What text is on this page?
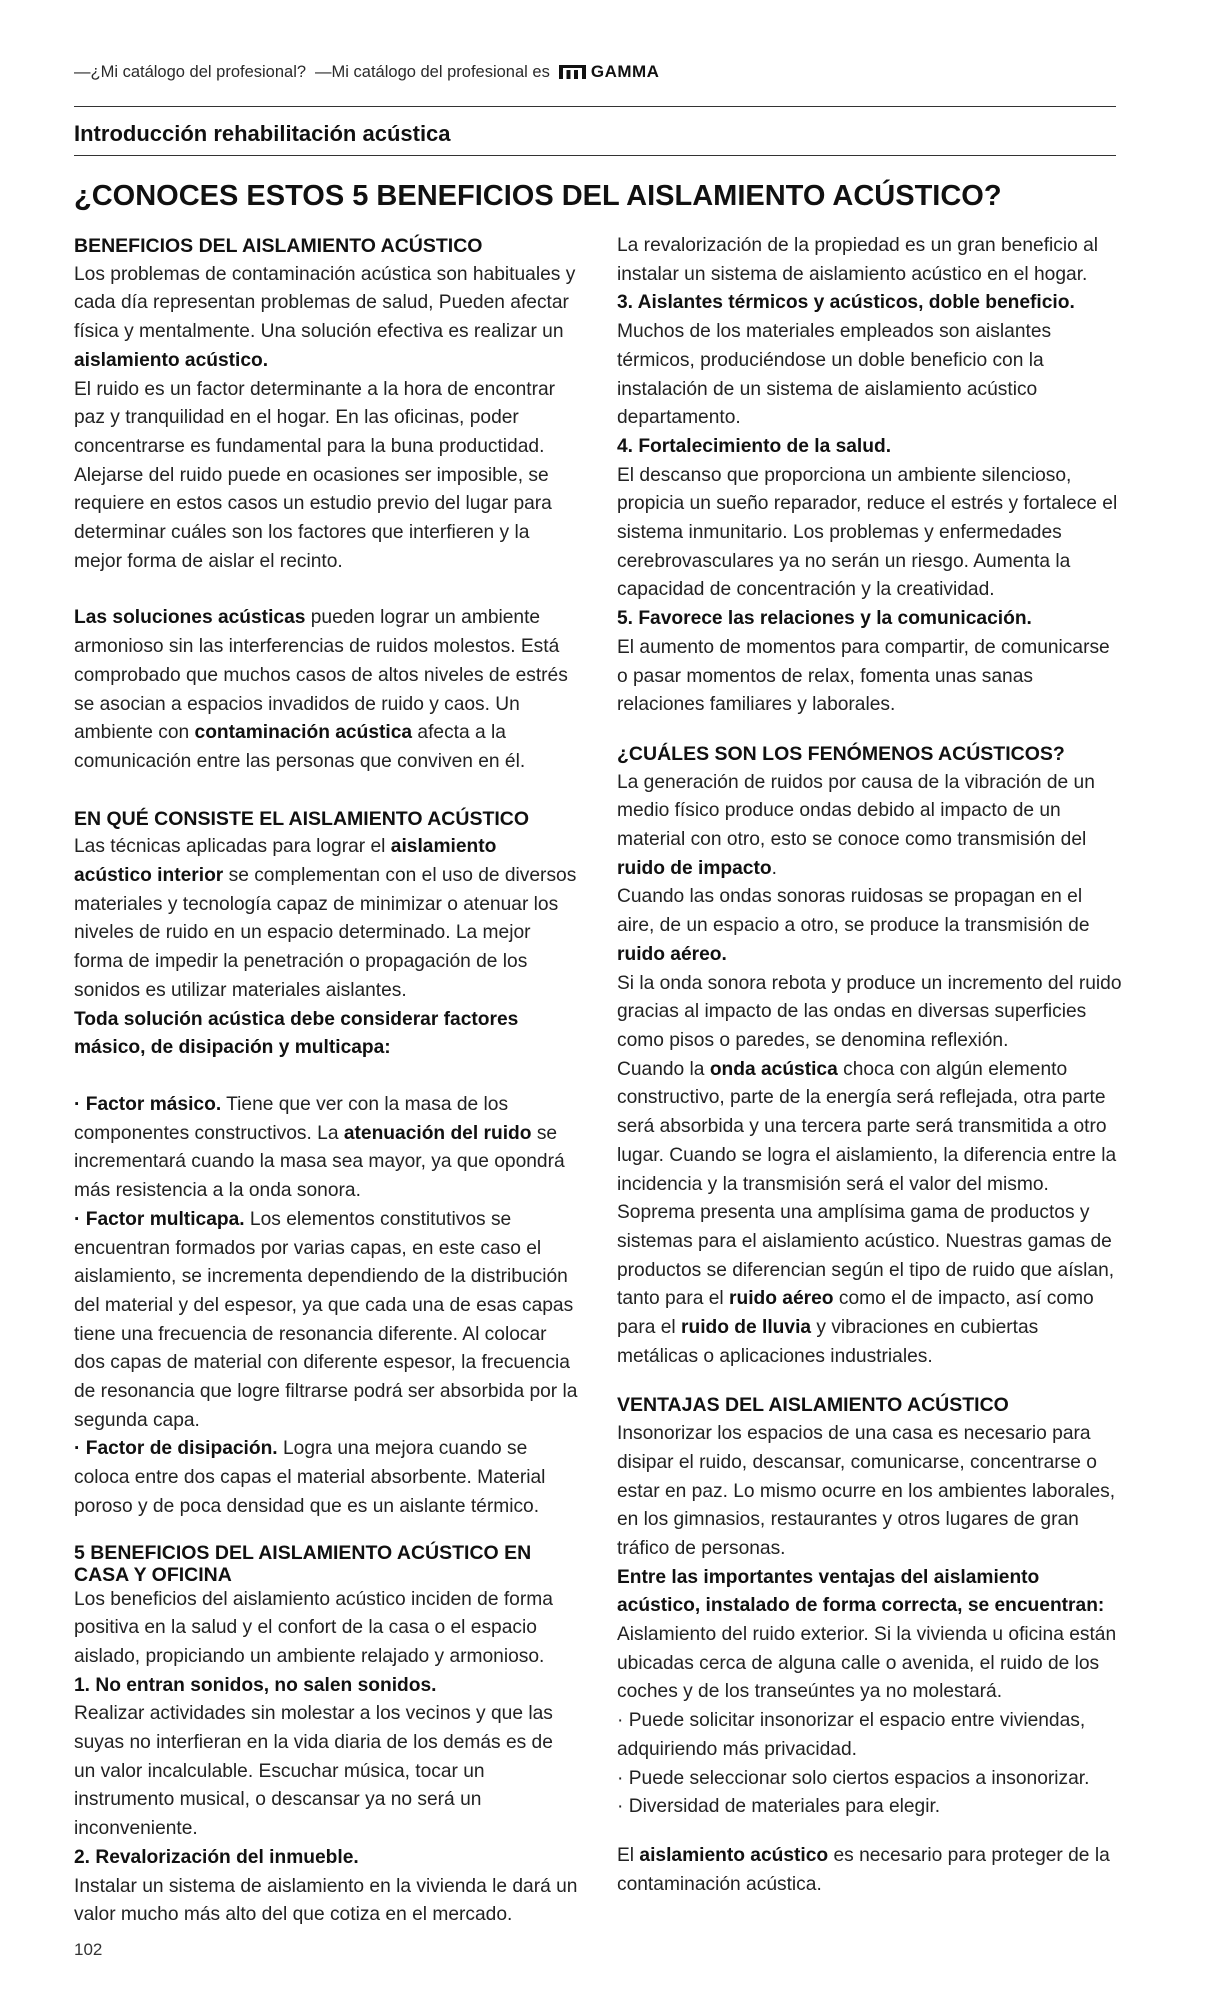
—¿Mi catálogo del profesional? —Mi catálogo del profesional es GAMMA
Introducción rehabilitación acústica
¿CONOCES ESTOS 5 BENEFICIOS DEL AISLAMIENTO ACÚSTICO?
BENEFICIOS DEL AISLAMIENTO ACÚSTICO

Los problemas de contaminación acústica son habituales y cada día representan problemas de salud, Pueden afectar física y mentalmente. Una solución efectiva es realizar un aislamiento acústico.

El ruido es un factor determinante a la hora de encontrar paz y tranquilidad en el hogar. En las oficinas, poder concentrarse es fundamental para la buna productidad. Alejarse del ruido puede en ocasiones ser imposible, se requiere en estos casos un estudio previo del lugar para determinar cuáles son los factores que interfieren y la mejor forma de aislar el recinto.

Las soluciones acústicas pueden lograr un ambiente armonioso sin las interferencias de ruidos molestos. Está comprobado que muchos casos de altos niveles de estrés se asocian a espacios invadidos de ruido y caos. Un ambiente con contaminación acústica afecta a la comunicación entre las personas que conviven en él.

EN QUÉ CONSISTE EL AISLAMIENTO ACÚSTICO

Las técnicas aplicadas para lograr el aislamiento acústico interior se complementan con el uso de diversos materiales y tecnología capaz de minimizar o atenuar los niveles de ruido en un espacio determinado. La mejor forma de impedir la penetración o propagación de los sonidos es utilizar materiales aislantes.

Toda solución acústica debe considerar factores másico, de disipación y multicapa:

· Factor másico. Tiene que ver con la masa de los componentes constructivos. La atenuación del ruido se incrementará cuando la masa sea mayor, ya que opondrá más resistencia a la onda sonora.

· Factor multicapa. Los elementos constitutivos se encuentran formados por varias capas, en este caso el aislamiento, se incrementa dependiendo de la distribución del material y del espesor, ya que cada una de esas capas tiene una frecuencia de resonancia diferente. Al colocar dos capas de material con diferente espesor, la frecuencia de resonancia que logre filtrarse podrá ser absorbida por la segunda capa.

· Factor de disipación. Logra una mejora cuando se coloca entre dos capas el material absorbente. Material poroso y de poca densidad que es un aislante térmico.

5 BENEFICIOS DEL AISLAMIENTO ACÚSTICO EN CASA Y OFICINA

Los beneficios del aislamiento acústico inciden de forma positiva en la salud y el confort de la casa o el espacio aislado, propiciando un ambiente relajado y armonioso.

1. No entran sonidos, no salen sonidos.

Realizar actividades sin molestar a los vecinos y que las suyas no interfieran en la vida diaria de los demás es de un valor incalculable. Escuchar música, tocar un instrumento musical, o descansar ya no será un inconveniente.

2. Revalorización del inmueble.

Instalar un sistema de aislamiento en la vivienda le dará un valor mucho más alto del que cotiza en el mercado.

La revalorización de la propiedad es un gran beneficio al instalar un sistema de aislamiento acústico en el hogar.

3. Aislantes térmicos y acústicos, doble beneficio.

Muchos de los materiales empleados son aislantes térmicos, produciéndose un doble beneficio con la instalación de un sistema de aislamiento acústico departamento.

4. Fortalecimiento de la salud.

El descanso que proporciona un ambiente silencioso, propicia un sueño reparador, reduce el estrés y fortalece el sistema inmunitario. Los problemas y enfermedades cerebrovasculares ya no serán un riesgo. Aumenta la capacidad de concentración y la creatividad.

5. Favorece las relaciones y la comunicación.

El aumento de momentos para compartir, de comunicarse o pasar momentos de relax, fomenta unas sanas relaciones familiares y laborales.

¿CUÁLES SON LOS FENÓMENOS ACÚSTICOS?

La generación de ruidos por causa de la vibración de un medio físico produce ondas debido al impacto de un material con otro, esto se conoce como transmisión del ruido de impacto.

Cuando las ondas sonoras ruidosas se propagan en el aire, de un espacio a otro, se produce la transmisión de ruido aéreo.

Si la onda sonora rebota y produce un incremento del ruido gracias al impacto de las ondas en diversas superficies como pisos o paredes, se denomina reflexión.

Cuando la onda acústica choca con algún elemento constructivo, parte de la energía será reflejada, otra parte será absorbida y una tercera parte será transmitida a otro lugar. Cuando se logra el aislamiento, la diferencia entre la incidencia y la transmisión será el valor del mismo.

Soprema presenta una amplísima gama de productos y sistemas para el aislamiento acústico. Nuestras gamas de productos se diferencian según el tipo de ruido que aíslan, tanto para el ruido aéreo como el de impacto, así como para el ruido de lluvia y vibraciones en cubiertas metálicas o aplicaciones industriales.

VENTAJAS DEL AISLAMIENTO ACÚSTICO

Insonorizar los espacios de una casa es necesario para disipar el ruido, descansar, comunicarse, concentrarse o estar en paz. Lo mismo ocurre en los ambientes laborales, en los gimnasios, restaurantes y otros lugares de gran tráfico de personas.

Entre las importantes ventajas del aislamiento acústico, instalado de forma correcta, se encuentran:

Aislamiento del ruido exterior. Si la vivienda u oficina están ubicadas cerca de alguna calle o avenida, el ruido de los coches y de los transeúntes ya no molestará.

· Puede solicitar insonorizar el espacio entre viviendas, adquiriendo más privacidad.

· Puede seleccionar solo ciertos espacios a insonorizar.

· Diversidad de materiales para elegir.

El aislamiento acústico es necesario para proteger de la contaminación acústica.

102
